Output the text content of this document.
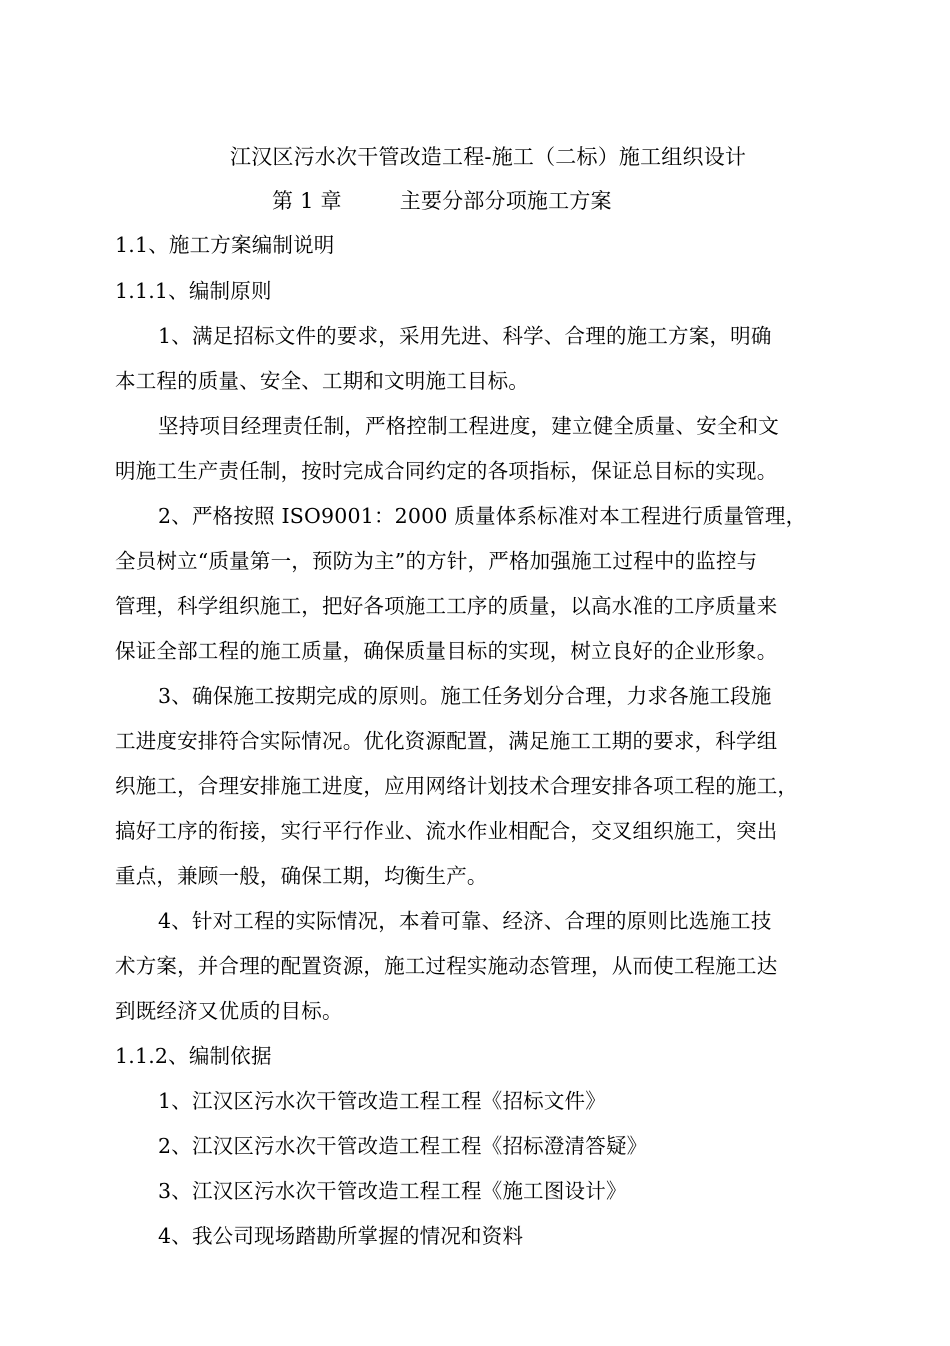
江汉区污水次干管改造工程-施工（二标）施工组织设计
第 1 章	主要分部分项施工方案
1.1、施工方案编制说明
1.1.1、编制原则
1、满足招标文件的要求，采用先进、科学、合理的施工方案，明确
本工程的质量、安全、工期和文明施工目标。
坚持项目经理责任制，严格控制工程进度，建立健全质量、安全和文
明施工生产责任制，按时完成合同约定的各项指标，保证总目标的实现。
2、严格按照 ISO9001：2000 质量体系标准对本工程进行质量管理，
全员树立“质量第一，预防为主”的方针，严格加强施工过程中的监控与
管理，科学组织施工，把好各项施工工序的质量，以高水准的工序质量来
保证全部工程的施工质量，确保质量目标的实现，树立良好的企业形象。
3、确保施工按期完成的原则。施工任务划分合理，力求各施工段施
工进度安排符合实际情况。优化资源配置，满足施工工期的要求，科学组
织施工，合理安排施工进度，应用网络计划技术合理安排各项工程的施工，
搞好工序的衔接，实行平行作业、流水作业相配合，交叉组织施工，突出
重点，兼顾一般，确保工期，均衡生产。
4、针对工程的实际情况，本着可靠、经济、合理的原则比选施工技
术方案，并合理的配置资源，施工过程实施动态管理，从而使工程施工达
到既经济又优质的目标。
1.1.2、编制依据
1、江汉区污水次干管改造工程工程《招标文件》
2、江汉区污水次干管改造工程工程《招标澄清答疑》
3、江汉区污水次干管改造工程工程《施工图设计》
4、我公司现场踏勘所掌握的情况和资料
